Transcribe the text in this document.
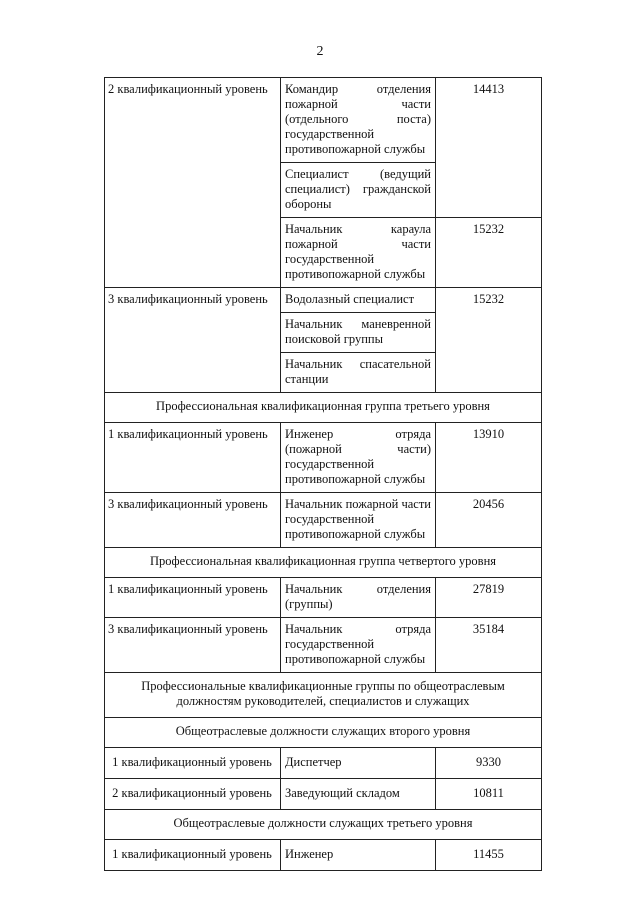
2
2 квалификационный уровень	Командир отделения пожарной части (отдельного поста) государственной противопожарной службы	14413
	Специалист (ведущий специалист) гражданской обороны	
	Начальник караула пожарной части государственной противопожарной службы	15232
3 квалификационный уровень	Водолазный специалист	15232
	Начальник маневренной поисковой группы	
	Начальник спасательной станции	
Профессиональная квалификационная группа третьего уровня		
1 квалификационный уровень	Инженер отряда (пожарной части) государственной противопожарной службы	13910
3 квалификационный уровень	Начальник пожарной части государственной противопожарной службы	20456
Профессиональная квалификационная группа четвертого уровня		
1 квалификационный уровень	Начальник отделения (группы)	27819
3 квалификационный уровень	Начальник отряда государственной противопожарной службы	35184
Профессиональные квалификационные группы по общеотраслевым должностям руководителей, специалистов и служащих		
Общеотраслевые должности служащих второго уровня		
1 квалификационный уровень	Диспетчер	9330
2 квалификационный уровень	Заведующий складом	10811
Общеотраслевые должности служащих третьего уровня		
1 квалификационный уровень	Инженер	11455
